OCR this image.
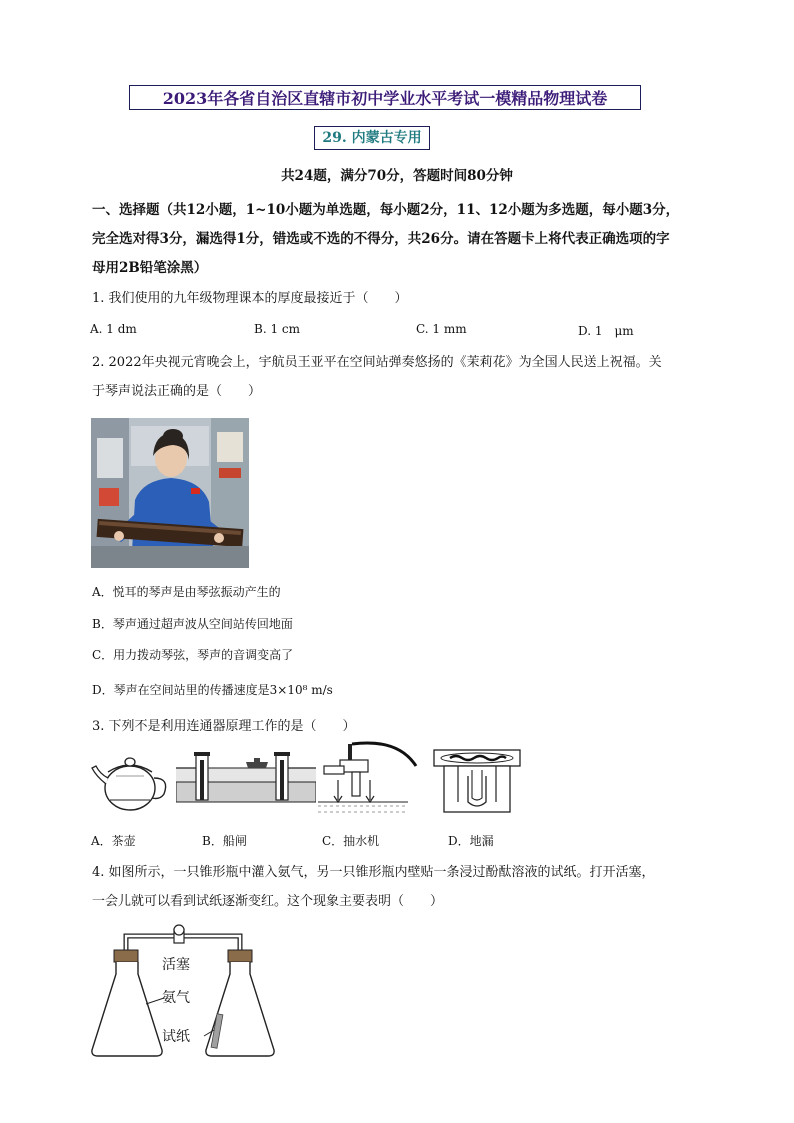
2023年各省自治区直辖市初中学业水平考试一模精品物理试卷
29. 内蒙古专用
共24题，满分70分，答题时间80分钟
一、选择题（共12小题，1~10小题为单选题，每小题2分，11、12小题为多选题，每小题3分，
完全选对得3分，漏选得1分，错选或不选的不得分，共26分。请在答题卡上将代表正确选项的字
母用2B铅笔涂黑）
1. 我们使用的九年级物理课本的厚度最接近于（　　）
A. 1 dm	B. 1 cm	C. 1 mm	D. 1　μm
2. 2022年央视元宵晚会上，宇航员王亚平在空间站弹奏悠扬的《茉莉花》为全国人民送上祝福。关
于琴声说法正确的是（　　）
A．悦耳的琴声是由琴弦振动产生的
B．琴声通过超声波从空间站传回地面
C．用力拨动琴弦，琴声的音调变高了
D．琴声在空间站里的传播速度是3×10⁸ m/s
3. 下列不是利用连通器原理工作的是（　　）
A．茶壶	B．船闸	C．抽水机	D．地漏
4. 如图所示，一只锥形瓶中灌入氨气，另一只锥形瓶内壁贴一条浸过酚酞溶液的试纸。打开活塞，
一会儿就可以看到试纸逐渐变红。这个现象主要表明（　　）
活塞
氨气
试纸
